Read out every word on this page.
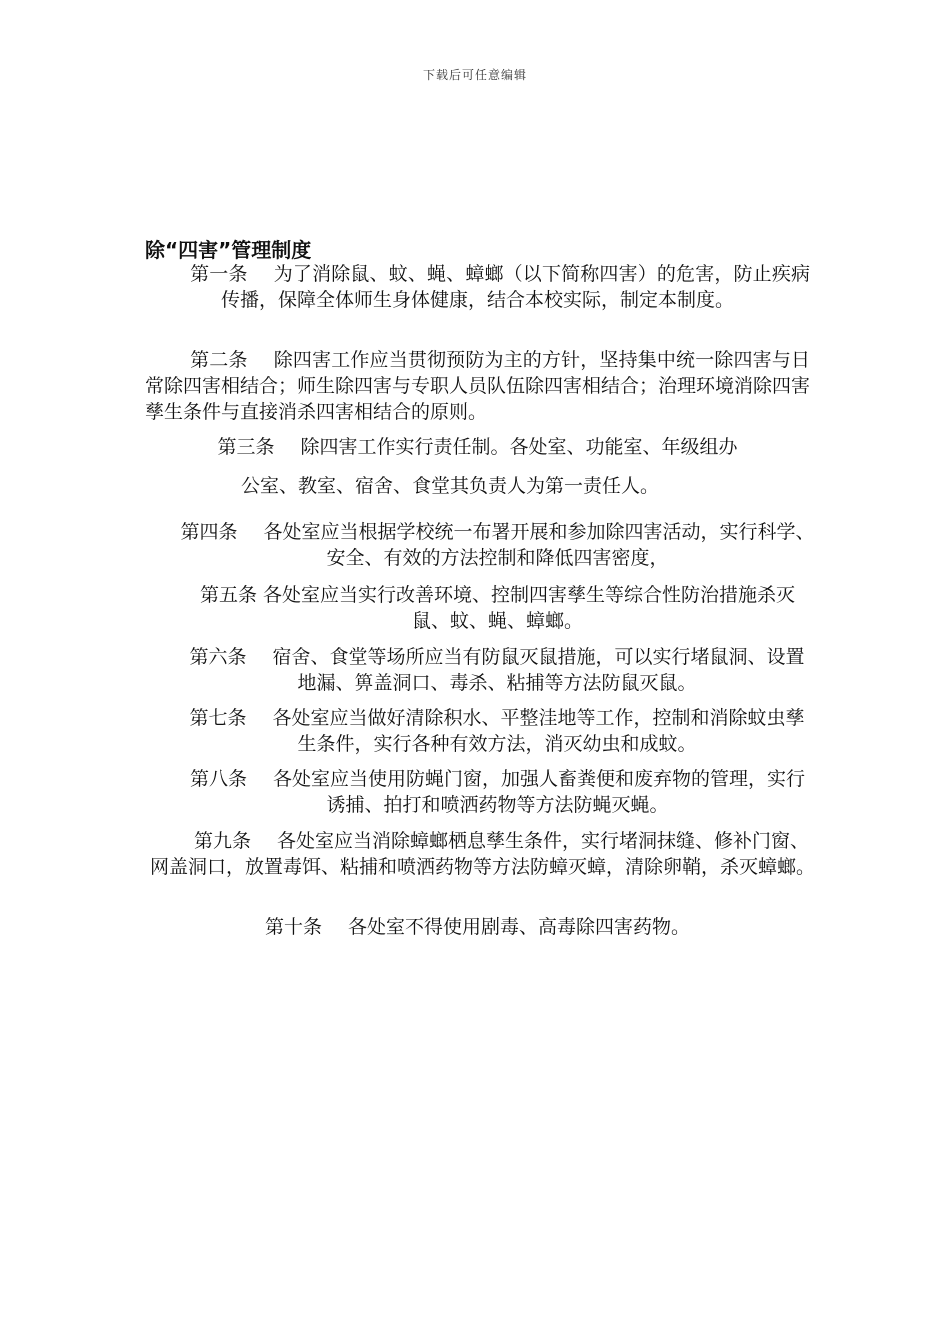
下载后可任意编辑
除“四害”管理制度

第一条 为了消除鼠、蚊、蝇、蟑螂（以下简称四害）的危害，防止疾病传播，保障全体师生身体健康，结合本校实际，制定本制度。

第二条 除四害工作应当贯彻预防为主的方针，坚持集中统一除四害与日常除四害相结合；师生除四害与专职人员队伍除四害相结合；治理环境消除四害孳生条件与直接消杀四害相结合的原则。

第三条 除四害工作实行责任制。各处室、功能室、年级组办

公室、教室、宿舍、食堂其负责人为第一责任人。

第四条 各处室应当根据学校统一布署开展和参加除四害活动，实行科学、安全、有效的方法控制和降低四害密度，

第五条 各处室应当实行改善环境、控制四害孳生等综合性防治措施杀灭鼠、蚊、蝇、蟑螂。

第六条 宿舍、食堂等场所应当有防鼠灭鼠措施，可以实行堵鼠洞、设置地漏、箅盖洞口、毒杀、粘捕等方法防鼠灭鼠。

第七条 各处室应当做好清除积水、平整洼地等工作，控制和消除蚊虫孳生条件，实行各种有效方法，消灭幼虫和成蚊。

第八条 各处室应当使用防蝇门窗，加强人畜粪便和废弃物的管理，实行诱捕、拍打和喷洒药物等方法防蝇灭蝇。

第九条 各处室应当消除蟑螂栖息孳生条件，实行堵洞抹缝、修补门窗、网盖洞口，放置毒饵、粘捕和喷洒药物等方法防蟑灭蟑，清除卵鞘，杀灭蟑螂。

第十条 各处室不得使用剧毒、高毒除四害药物。
